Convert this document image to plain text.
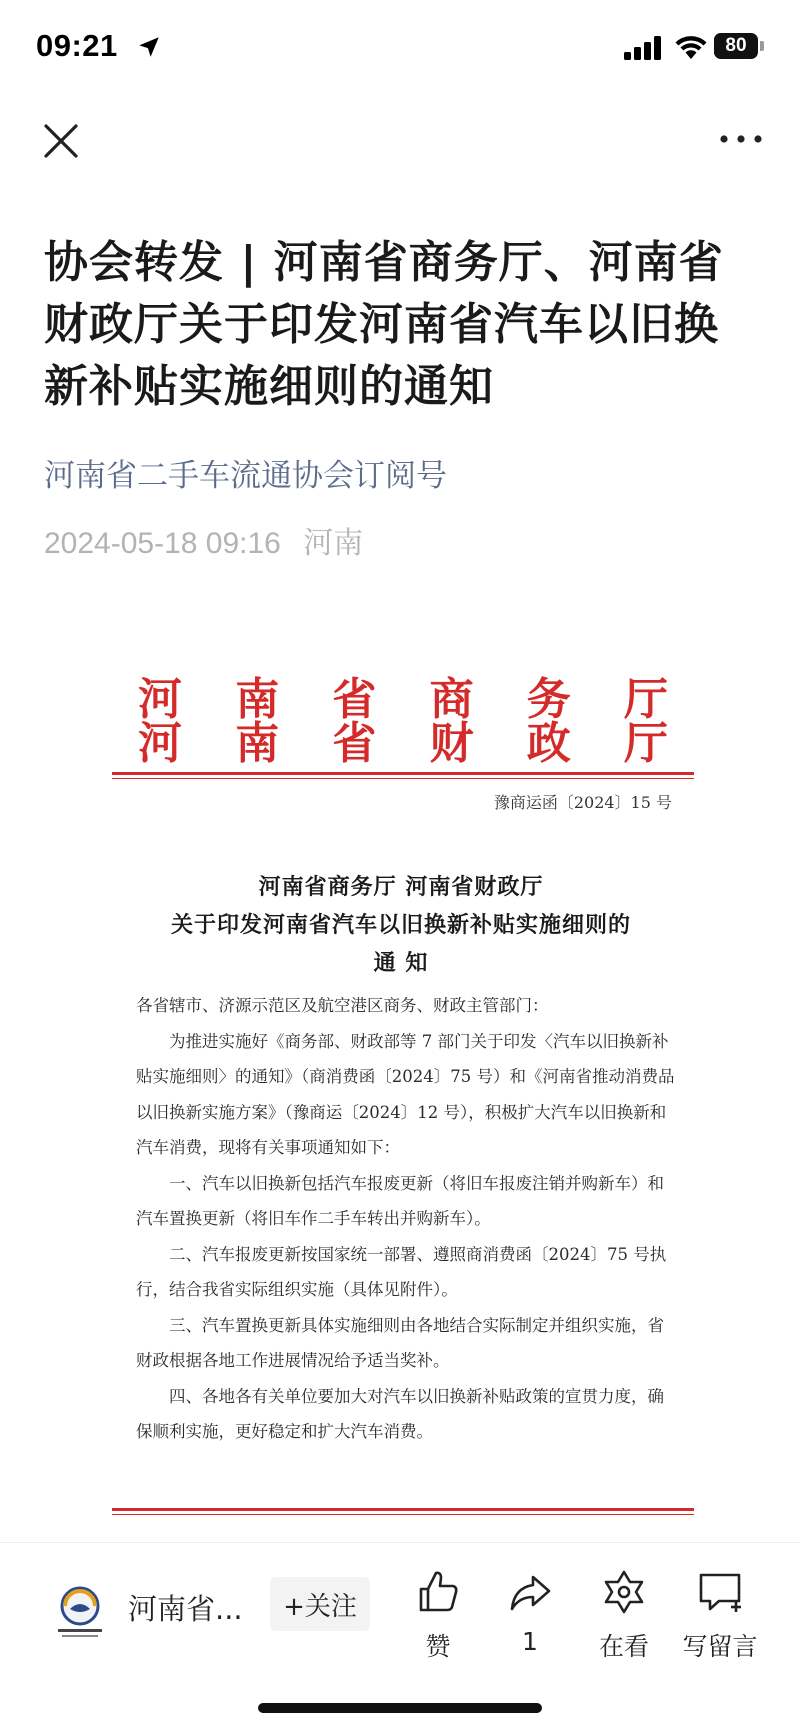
09:21	80
协会转发 | 河南省商务厅、河南省财政厅关于印发河南省汽车以旧换新补贴实施细则的通知
河南省二手车流通协会订阅号
2024-05-18 09:16 河南
河 南 省 商 务 厅
河 南 省 财 政 厅
豫商运函〔2024〕15 号
河南省商务厅 河南省财政厅
关于印发河南省汽车以旧换新补贴实施细则的
通 知

各省辖市、济源示范区及航空港区商务、财政主管部门：

为推进实施好《商务部、财政部等 7 部门关于印发〈汽车以旧换新补贴实施细则〉的通知》（商消费函〔2024〕75 号）和《河南省推动消费品以旧换新实施方案》（豫商运〔2024〕12 号），积极扩大汽车以旧换新和汽车消费，现将有关事项通知如下：

一、汽车以旧换新包括汽车报废更新（将旧车报废注销并购新车）和汽车置换更新（将旧车作二手车转出并购新车）。

二、汽车报废更新按国家统一部署、遵照商消费函〔2024〕75 号执行，结合我省实际组织实施（具体见附件）。

三、汽车置换更新具体实施细则由各地结合实际制定并组织实施，省财政根据各地工作进展情况给予适当奖补。

四、各地各有关单位要加大对汽车以旧换新补贴政策的宣贯力度，确保顺利实施，更好稳定和扩大汽车消费。

河南省...	+关注
赞	1	在看	写留言
